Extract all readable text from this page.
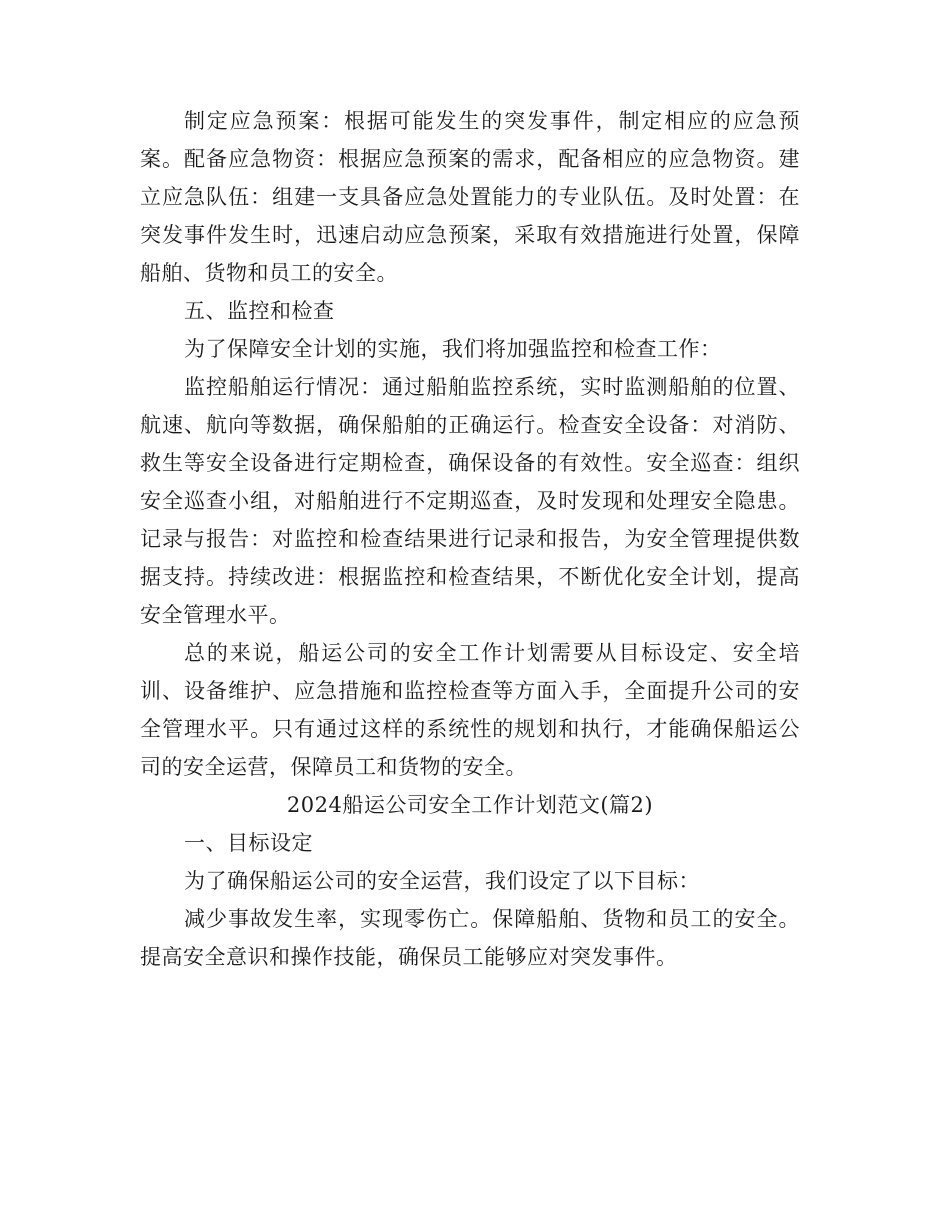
制定应急预案：根据可能发生的突发事件，制定相应的应急预案。配备应急物资：根据应急预案的需求，配备相应的应急物资。建立应急队伍：组建一支具备应急处置能力的专业队伍。及时处置：在突发事件发生时，迅速启动应急预案，采取有效措施进行处置，保障船舶、货物和员工的安全。

五、监控和检查

为了保障安全计划的实施，我们将加强监控和检查工作：

监控船舶运行情况：通过船舶监控系统，实时监测船舶的位置、航速、航向等数据，确保船舶的正确运行。检查安全设备：对消防、救生等安全设备进行定期检查，确保设备的有效性。安全巡查：组织安全巡查小组，对船舶进行不定期巡查，及时发现和处理安全隐患。记录与报告：对监控和检查结果进行记录和报告，为安全管理提供数据支持。持续改进：根据监控和检查结果，不断优化安全计划，提高安全管理水平。

总的来说，船运公司的安全工作计划需要从目标设定、安全培训、设备维护、应急措施和监控检查等方面入手，全面提升公司的安全管理水平。只有通过这样的系统性的规划和执行，才能确保船运公司的安全运营，保障员工和货物的安全。

2024船运公司安全工作计划范文(篇2)

一、目标设定

为了确保船运公司的安全运营，我们设定了以下目标：

减少事故发生率，实现零伤亡。保障船舶、货物和员工的安全。提高安全意识和操作技能，确保员工能够应对突发事件。
